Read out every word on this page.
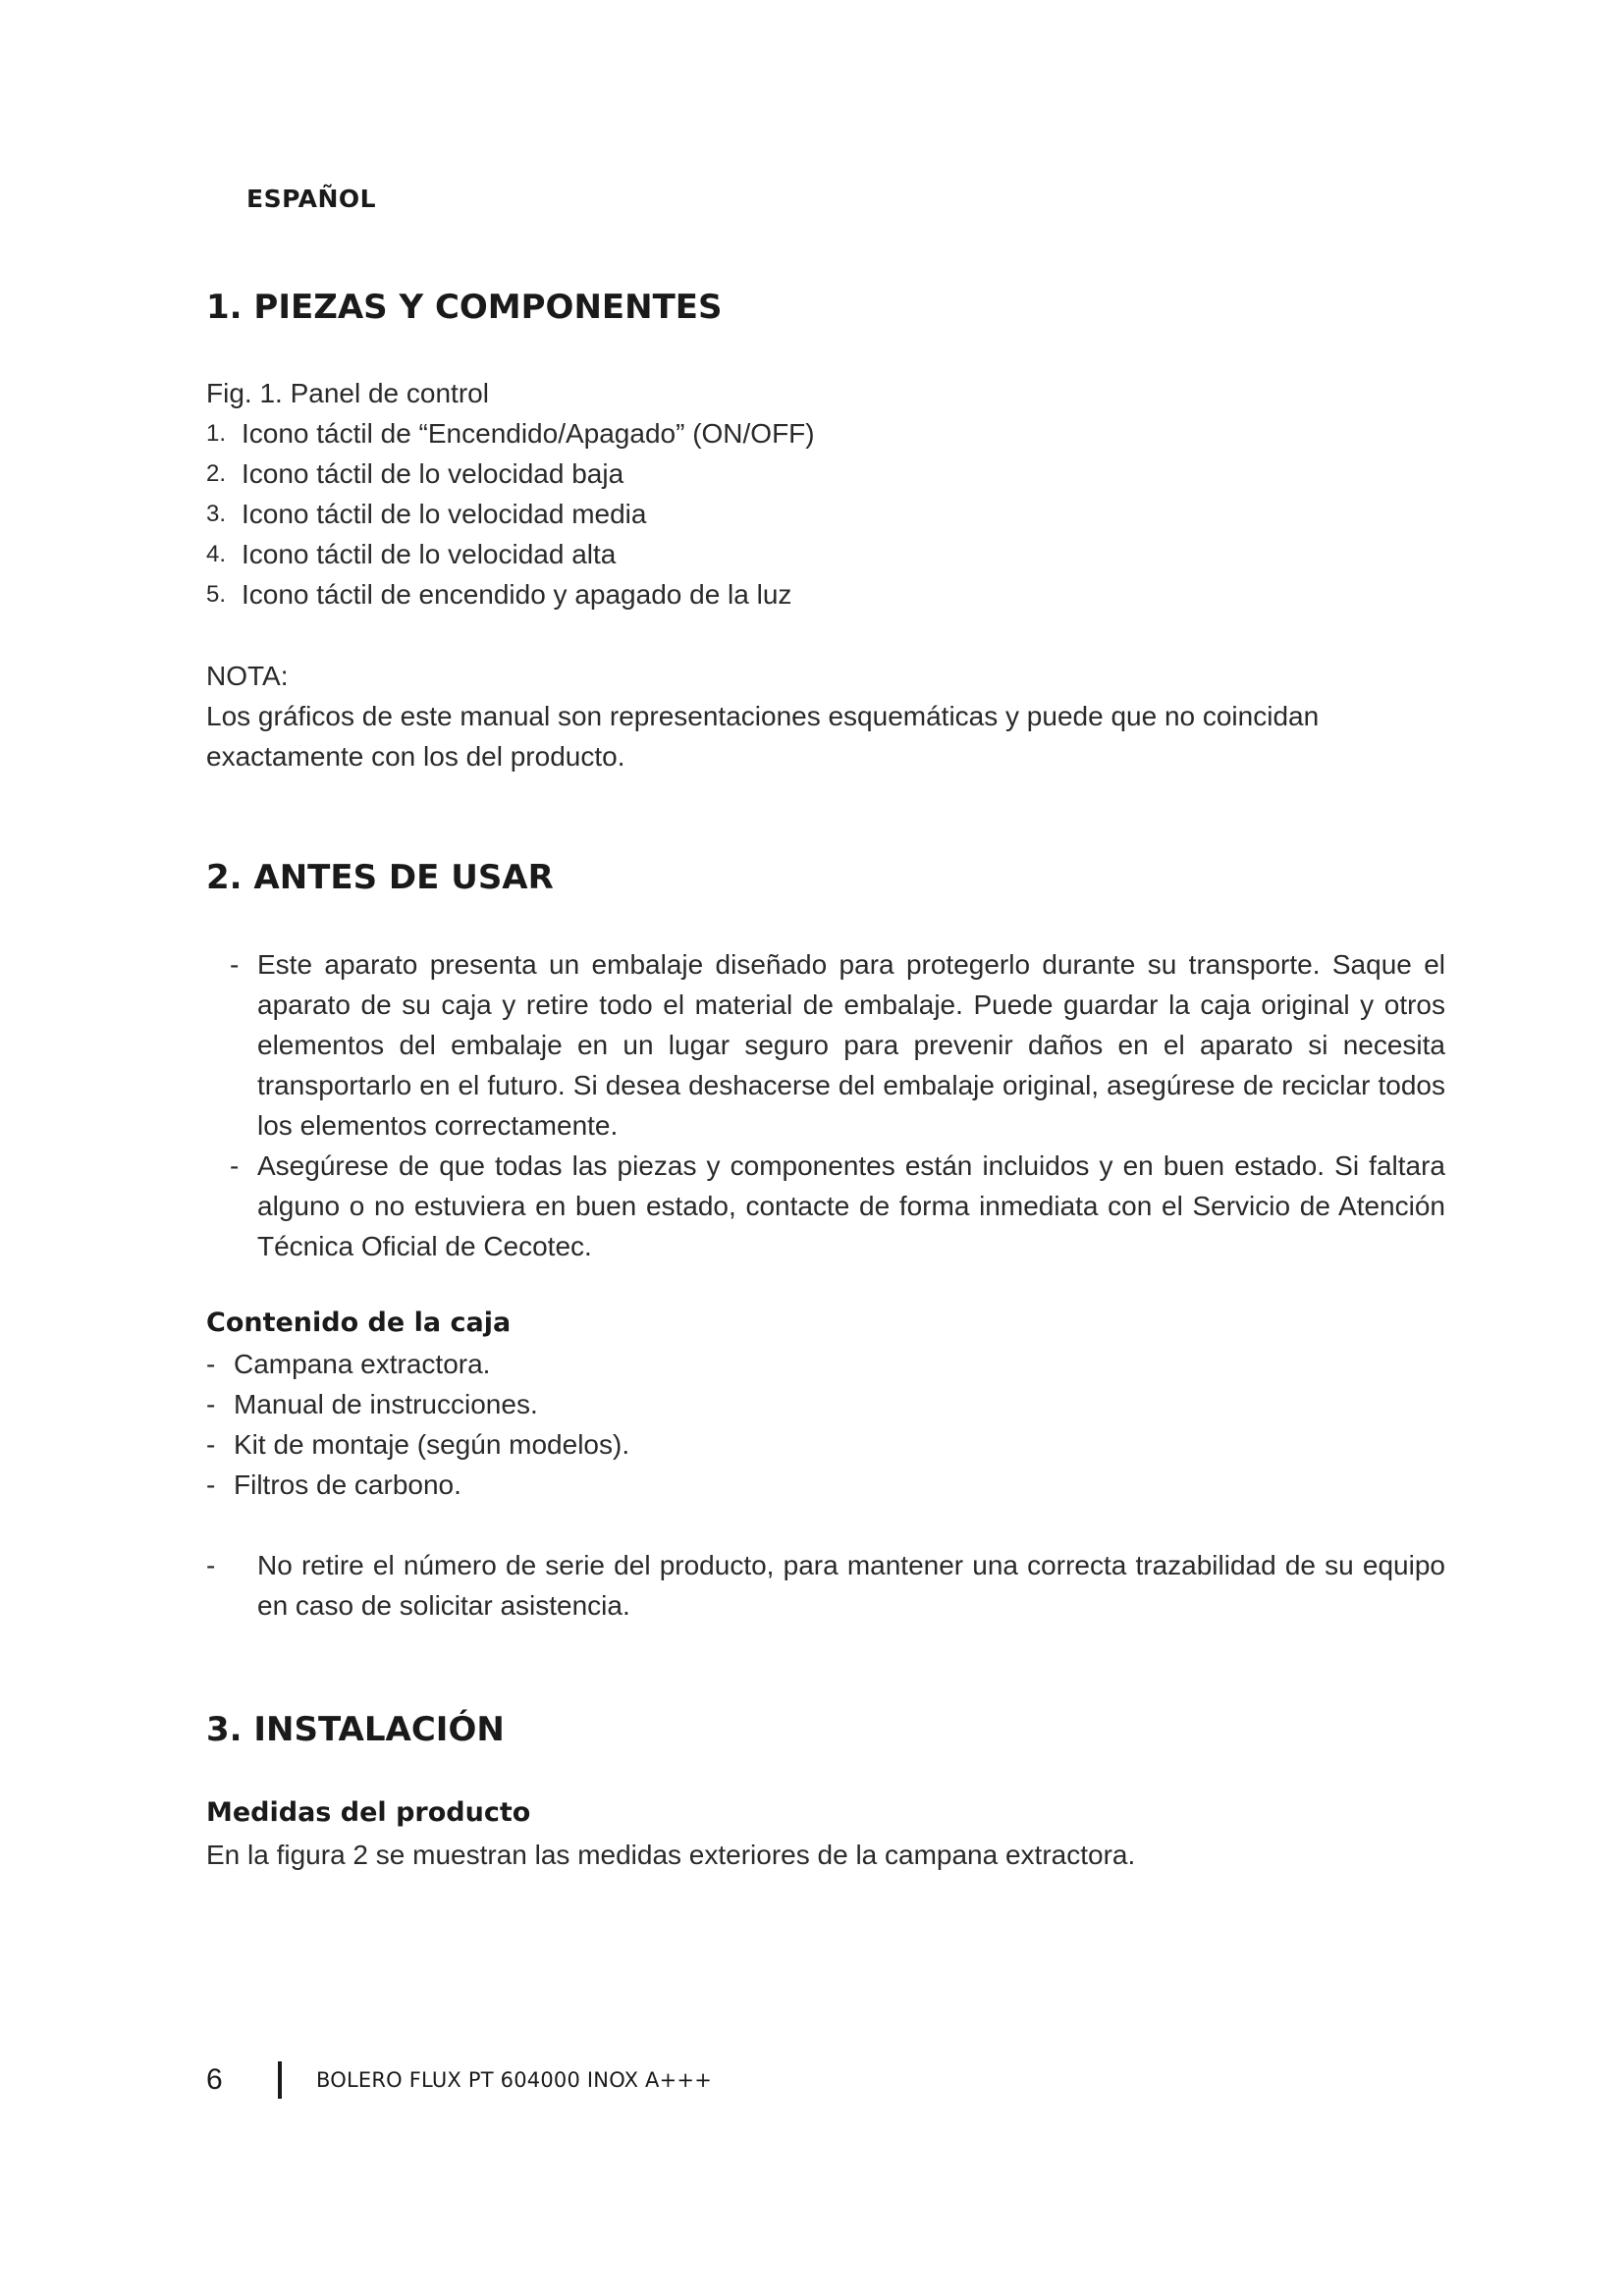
ESPAÑOL
1. PIEZAS Y COMPONENTES
Fig. 1. Panel de control
1. Icono táctil de “Encendido/Apagado” (ON/OFF)
2. Icono táctil de lo velocidad baja
3. Icono táctil de lo velocidad media
4. Icono táctil de lo velocidad alta
5. Icono táctil de encendido y apagado de la luz
NOTA:

Los gráficos de este manual son representaciones esquemáticas y puede que no coincidan exactamente con los del producto.

2. ANTES DE USAR
- Este aparato presenta un embalaje diseñado para protegerlo durante su transporte. Saque el aparato de su caja y retire todo el material de embalaje. Puede guardar la caja original y otros elementos del embalaje en un lugar seguro para prevenir daños en el aparato si necesita transportarlo en el futuro. Si desea deshacerse del embalaje original, asegúrese de reciclar todos los elementos correctamente.
- Asegúrese de que todas las piezas y componentes están incluidos y en buen estado. Si faltara alguno o no estuviera en buen estado, contacte de forma inmediata con el Servicio de Atención Técnica Oficial de Cecotec.
Contenido de la caja
- Campana extractora.
- Manual de instrucciones.
- Kit de montaje (según modelos).
- Filtros de carbono.
- No retire el número de serie del producto, para mantener una correcta trazabilidad de su equipo en caso de solicitar asistencia.
3. INSTALACIÓN
Medidas del producto
En la figura 2 se muestran las medidas exteriores de la campana extractora.
6	BOLERO FLUX PT 604000 INOX A+++
